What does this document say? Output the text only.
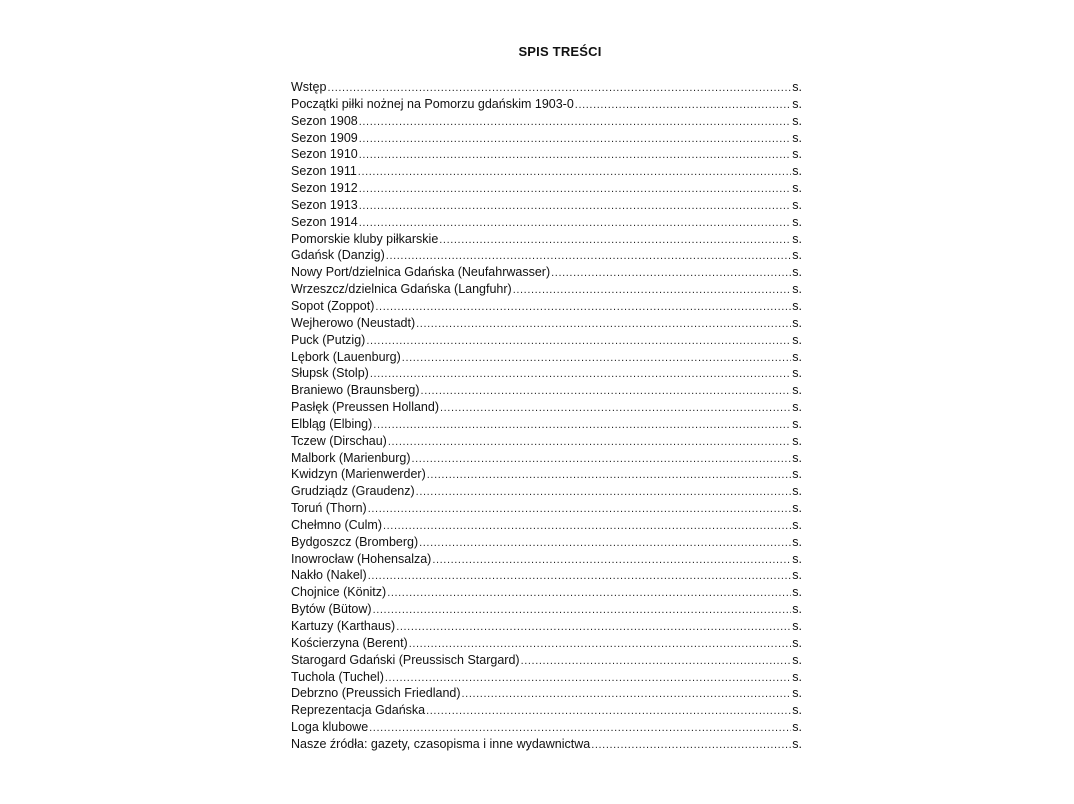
SPIS TREŚCI
Wstęp .....	s.
Początki piłki nożnej na Pomorzu gdańskim 1903-0 .....	s.
Sezon 1908 .....	s.
Sezon 1909 .....	s.
Sezon 1910 .....	s.
Sezon 1911 .....	s.
Sezon 1912 .....	s.
Sezon 1913 .....	s.
Sezon 1914 .....	s.
Pomorskie kluby piłkarskie .....	s.
Gdańsk (Danzig) .....	s.
Nowy Port/dzielnica Gdańska (Neufahrwasser) .....	s.
Wrzeszcz/dzielnica Gdańska (Langfuhr) .....	s.
Sopot (Zoppot) .....	s.
Wejherowo (Neustadt) .....	s.
Puck (Putzig) .....	s.
Lębork (Lauenburg) .....	s.
Słupsk (Stolp) .....	s.
Braniewo (Braunsberg) .....	s.
Pasłęk (Preussen Holland) .....	s.
Elbląg (Elbing) .....	s.
Tczew (Dirschau) .....	s.
Malbork (Marienburg) .....	s.
Kwidzyn (Marienwerder) .....	s.
Grudziądz (Graudenz) .....	s.
Toruń (Thorn) .....	s.
Chełmno (Culm) .....	s.
Bydgoszcz (Bromberg) .....	s.
Inowrocław (Hohensalza) .....	s.
Nakło (Nakel) .....	s.
Chojnice (Könitz) .....	s.
Bytów (Bütow) .....	s.
Kartuzy (Karthaus) .....	s.
Kościerzyna (Berent) .....	s.
Starogard Gdański (Preussisch Stargard) .....	s.
Tuchola (Tuchel) .....	s.
Debrzno (Preussich Friedland) .....	s.
Reprezentacja Gdańska .....	s.
Loga klubowe .....	s.
Nasze źródła: gazety, czasopisma i inne wydawnictwa .....	s.
